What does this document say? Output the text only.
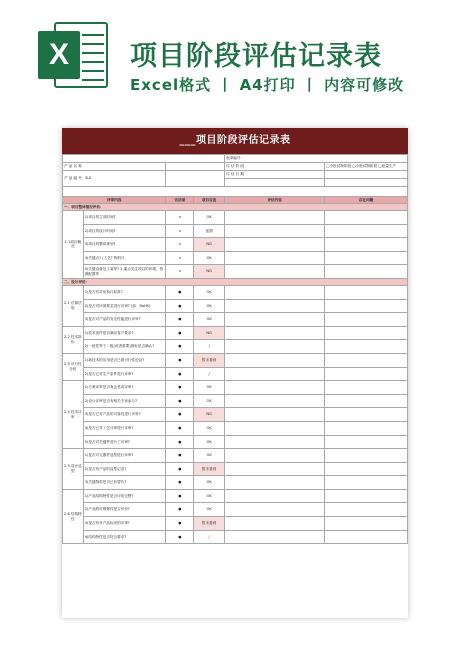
X	项目阶段评估记录表
Excel格式 丨 A4打印 丨 内容可修改
___项目阶段评估记录表
				表单编号：	
产 品 名 称				评 估 阶 段	□小批试制阶段 □小批试制阶段 □批量生产
产 品 编 号：B.0				评 估 日 期	

评审内容		否决项	项目自查	评估内容	存在问题
一、项目整体情况评估：					
1.1项目概况	1)项目的立项时间?	×	OK		
	2)项目的设计时间?	×	延期		
	3)项目的整体规划?	×	NG		
	4)关键点? (工艺? 物料?)	×	OK		
	5)关键设备及工装等? 1,重点关注项目的环境、资源配置等	×	NG		
二、设计评价：					
2.1 法律法规	1)是否有对应执行标准?	●	OK		
	2)是否对环保要求进行评审? (如：RoHS)	●	OK		
	3)是否对产品的安全性能进行评审?	●	OK		
2.2 技术指标	1)技术条件是否满足客户要求?	●	NG		
	2)一致性等于二级(或者重要)指标是否确认?	●	/		
2.3 可行性分析	1)新技术的应用是否已做可行性论证?	●	暂未看到		
	2)是否已对生产条件进行评审?	●	/		
2.4 技术评审	1)方案评审是否有会签或评审?	●	OK		
	2)设计评审是否有相关专家参与?	●	OK		
	3)是否已对产品的可靠性进行评审?	●	NG		
	4)是否已对工艺评审进行评审?	●	OK		
	5)是否对关键件进行了评审?	●	OK		
2.5 设计选型	1)是否对元器件选型进行评审?	●	OK		
	2)是否有产品的选型记录?	●	暂未看到		
	3)关键物料是否已有替代?	●	OK		
2.6 结构特性	1)产品结构特性是否评估完整?	●	OK		
	2)产品的可维修性是否评价?	●	OK		
	3)是否有对产品标识的评审?	●	暂未看到		
	4)结构特性是否符合要求?	●	/		
